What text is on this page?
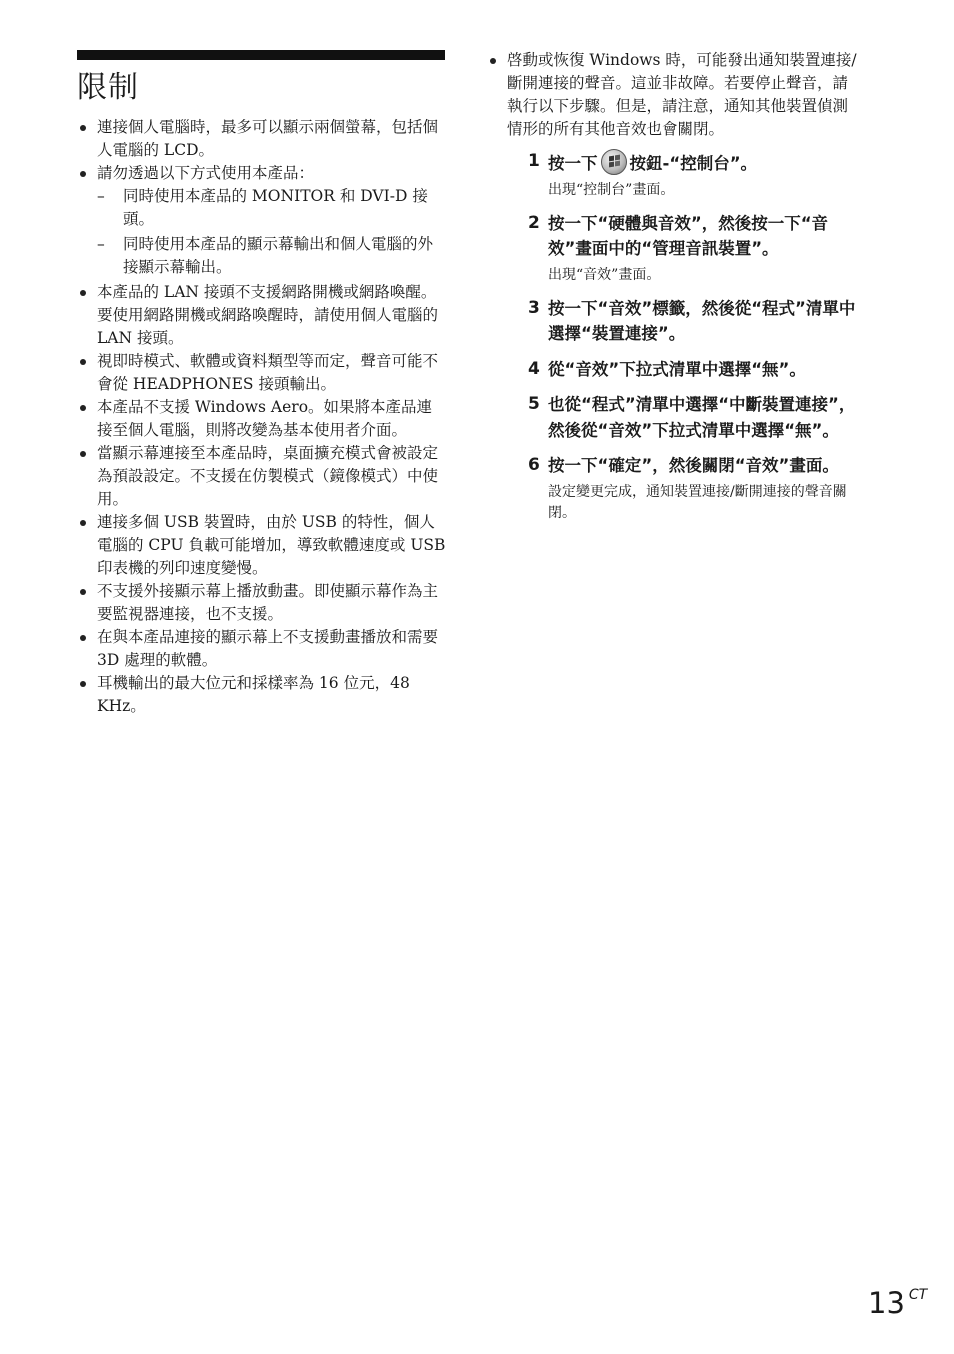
限制
連接個人電腦時，最多可以顯示兩個螢幕，包括個人電腦的 LCD。
請勿透過以下方式使用本產品：
– 同時使用本產品的 MONITOR 和 DVI-D 接頭。
– 同時使用本產品的顯示幕輸出和個人電腦的外接顯示幕輸出。
本產品的 LAN 接頭不支援網路開機或網路喚醒。要使用網路開機或網路喚醒時，請使用個人電腦的 LAN 接頭。
視即時模式、軟體或資料類型等而定，聲音可能不會從 HEADPHONES 接頭輸出。
本產品不支援 Windows Aero。如果將本產品連接至個人電腦，則將改變為基本使用者介面。
當顯示幕連接至本產品時，桌面擴充模式會被設定為預設設定。不支援在仿製模式（鏡像模式）中使用。
連接多個 USB 裝置時，由於 USB 的特性，個人電腦的 CPU 負載可能增加，導致軟體速度或 USB 印表機的列印速度變慢。
不支援外接顯示幕上播放動畫。即使顯示幕作為主要監視器連接，也不支援。
在與本產品連接的顯示幕上不支援動畫播放和需要 3D 處理的軟體。
耳機輸出的最大位元和採樣率為 16 位元，48 KHz。
啓動或恢復 Windows 時，可能發出通知裝置連接/斷開連接的聲音。這並非故障。若要停止聲音，請執行以下步驟。但是，請注意，通知其他裝置偵測情形的所有其他音效也會關閉。
1 按一下 按鈕-“控制台”。
出現“控制台”畫面。
2 按一下“硬體與音效”，然後按一下“音效”畫面中的“管理音訊裝置”。
出現“音效”畫面。
3 按一下“音效”標籤，然後從“程式”清單中選擇“裝置連接”。
4 從“音效”下拉式清單中選擇“無”。
5 也從“程式”清單中選擇“中斷裝置連接”，然後從“音效”下拉式清單中選擇“無”。
6 按一下“確定”，然後關閉“音效”畫面。
設定變更完成，通知裝置連接/斷開連接的聲音關閉。
13 $^{CT}$
